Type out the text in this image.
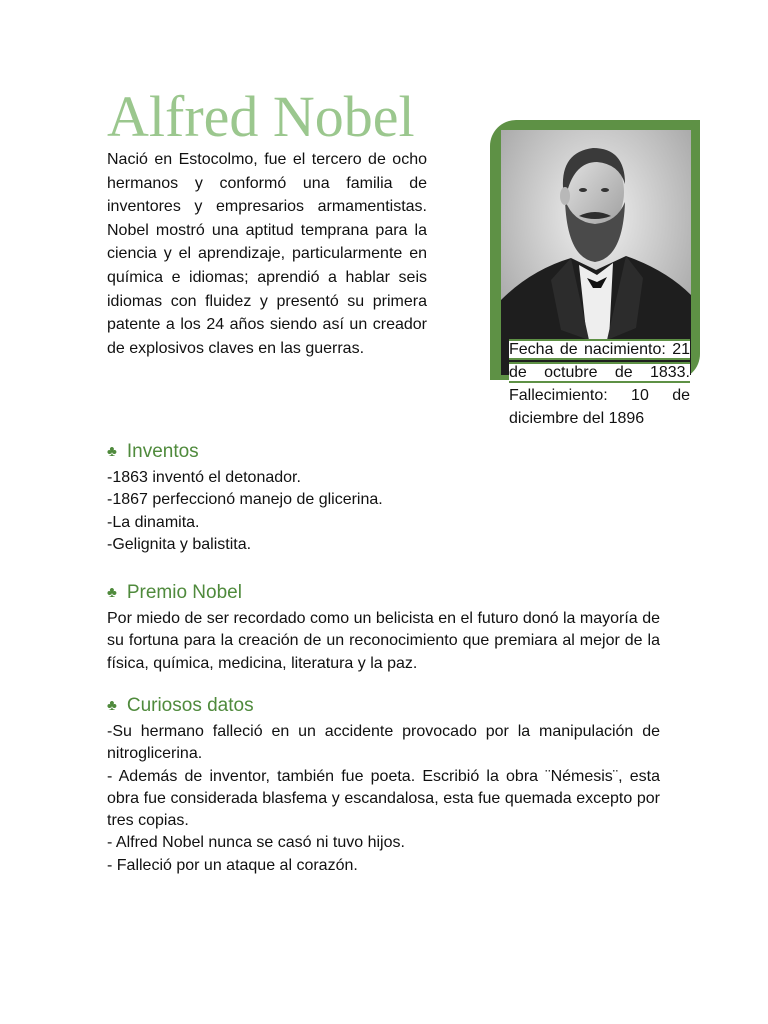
Alfred Nobel

Nació en Estocolmo, fue el tercero de ocho hermanos y conformó una familia de inventores y empresarios armamentistas. Nobel mostró una aptitud temprana para la ciencia y el aprendizaje, particularmente en química e idiomas; aprendió a hablar seis idiomas con fluidez y presentó su primera patente a los 24 años siendo así un creador de explosivos claves en las guerras.	Fecha de nacimiento: 21 de octubre de 1833. Fallecimiento: 10 de diciembre del 1896
♣ Inventos
-1863 inventó el detonador.
-1867 perfeccionó manejo de glicerina.
-La dinamita.
-Gelignita y balistita.
♣ Premio Nobel

Por miedo de ser recordado como un belicista en el futuro donó la mayoría de su fortuna para la creación de un reconocimiento que premiara al mejor de la física, química, medicina, literatura y la paz.

♣ Curiosos datos
-Su hermano falleció en un accidente provocado por la manipulación de nitroglicerina.
- Además de inventor, también fue poeta. Escribió la obra ¨Némesis¨, esta obra fue considerada blasfema y escandalosa, esta fue quemada excepto por tres copias.
- Alfred Nobel nunca se casó ni tuvo hijos.
- Falleció por un ataque al corazón.
